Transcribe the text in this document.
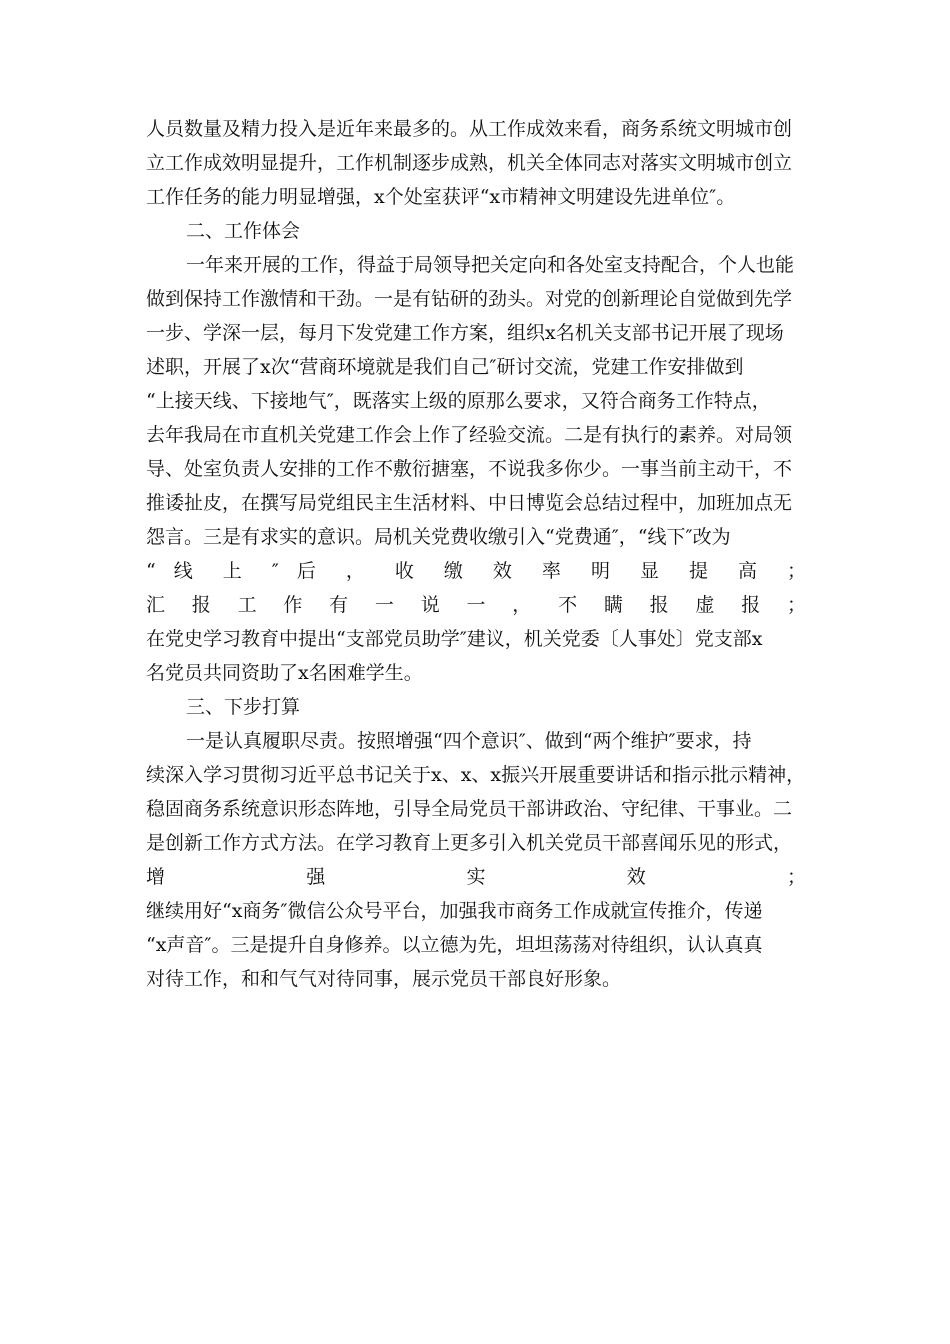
人员数量及精力投入是近年来最多的。从工作成效来看，商务系统文明城市创
立工作成效明显提升，工作机制逐步成熟，机关全体同志对落实文明城市创立
工作任务的能力明显增强，x个处室获评“x市精神文明建设先进单位″。
二、工作体会
一年来开展的工作，得益于局领导把关定向和各处室支持配合，个人也能
做到保持工作激情和干劲。一是有钻研的劲头。对党的创新理论自觉做到先学
一步、学深一层，每月下发党建工作方案，组织x名机关支部书记开展了现场
述职，开展了x次“营商环境就是我们自己″研讨交流，党建工作安排做到
“上接天线、下接地气″，既落实上级的原那么要求，又符合商务工作特点，
去年我局在市直机关党建工作会上作了经验交流。二是有执行的素养。对局领
导、处室负责人安排的工作不敷衍搪塞，不说我多你少。一事当前主动干，不
推诿扯皮，在撰写局党组民主生活材料、中日博览会总结过程中，加班加点无
怨言。三是有求实的意识。局机关党费收缴引入“党费通″，“线下″改为
“ 线 上 ″ 后 ， 收 缴 效 率 明 显 提 高 ；
汇 报 工 作 有 一 说 一 ， 不 瞒 报 虚 报 ；
在党史学习教育中提出“支部党员助学″建议，机关党委〔人事处〕党支部x
名党员共同资助了x名困难学生。
三、下步打算
一是认真履职尽责。按照增强“四个意识″、做到“两个维护″要求，持
续深入学习贯彻习近平总书记关于x、x、x振兴开展重要讲话和指示批示精神，
稳固商务系统意识形态阵地，引导全局党员干部讲政治、守纪律、干事业。二
是创新工作方式方法。在学习教育上更多引入机关党员干部喜闻乐见的形式，
增 强 实 效 ；
继续用好“x商务″微信公众号平台，加强我市商务工作成就宣传推介，传递
“x声音″。三是提升自身修养。以立德为先，坦坦荡荡对待组织，认认真真
对待工作，和和气气对待同事，展示党员干部良好形象。
